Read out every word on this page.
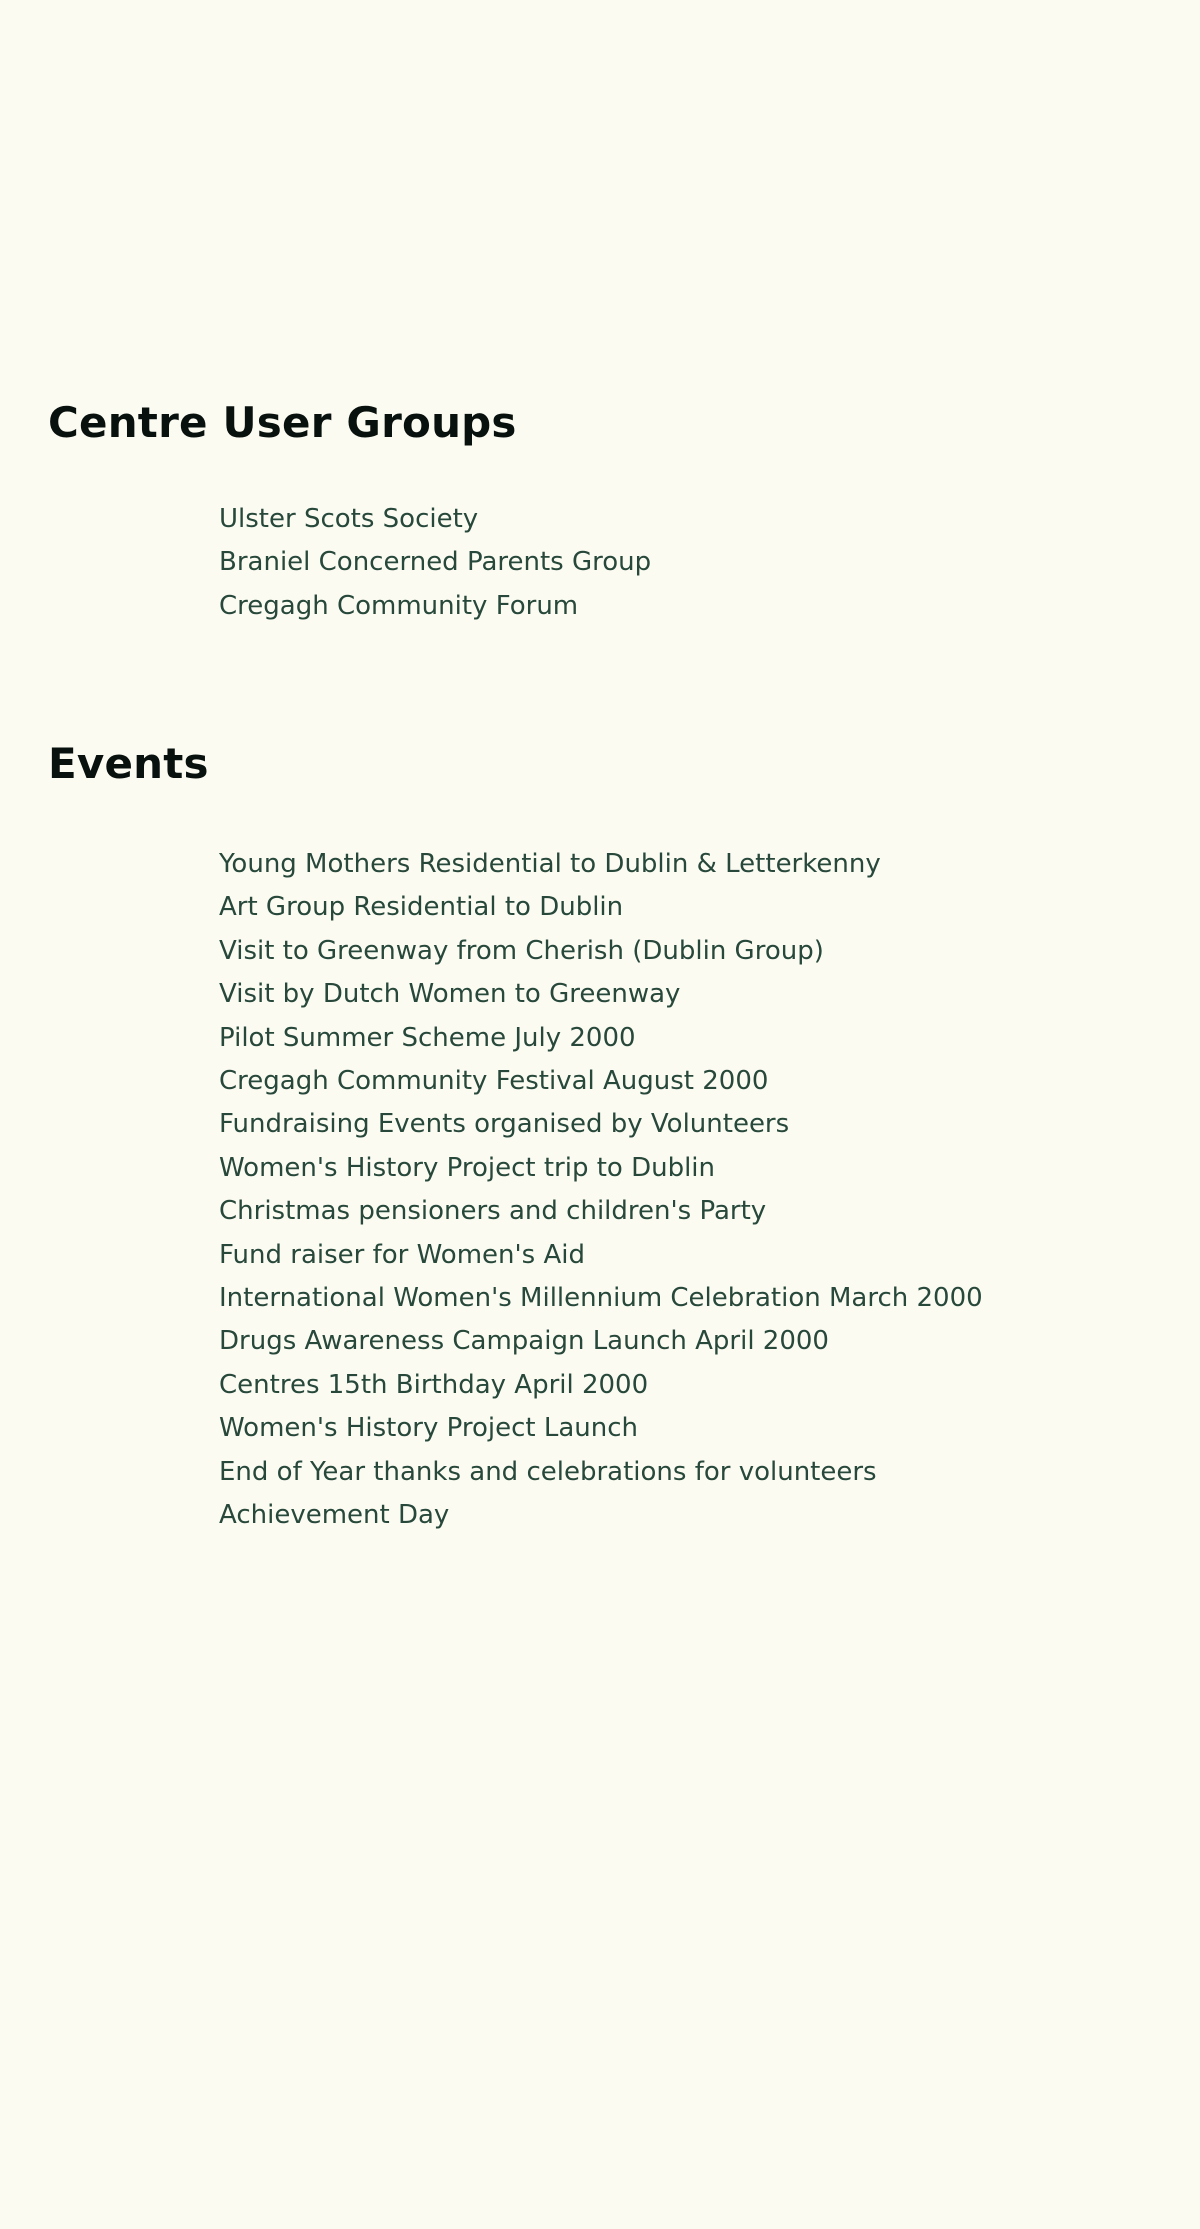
Centre User Groups
Ulster Scots Society
Braniel Concerned Parents Group
Cregagh Community Forum
Events
Young Mothers Residential to Dublin & Letterkenny
Art Group Residential to Dublin
Visit to Greenway from Cherish (Dublin Group)
Visit by Dutch Women to Greenway
Pilot Summer Scheme July 2000
Cregagh Community Festival August 2000
Fundraising Events organised by Volunteers
Women's History Project trip to Dublin
Christmas pensioners and children's Party
Fund raiser for Women's Aid
International Women's Millennium Celebration March 2000
Drugs Awareness Campaign Launch April 2000
Centres 15th Birthday April 2000
Women's History Project Launch
End of Year thanks and celebrations for volunteers
Achievement Day
